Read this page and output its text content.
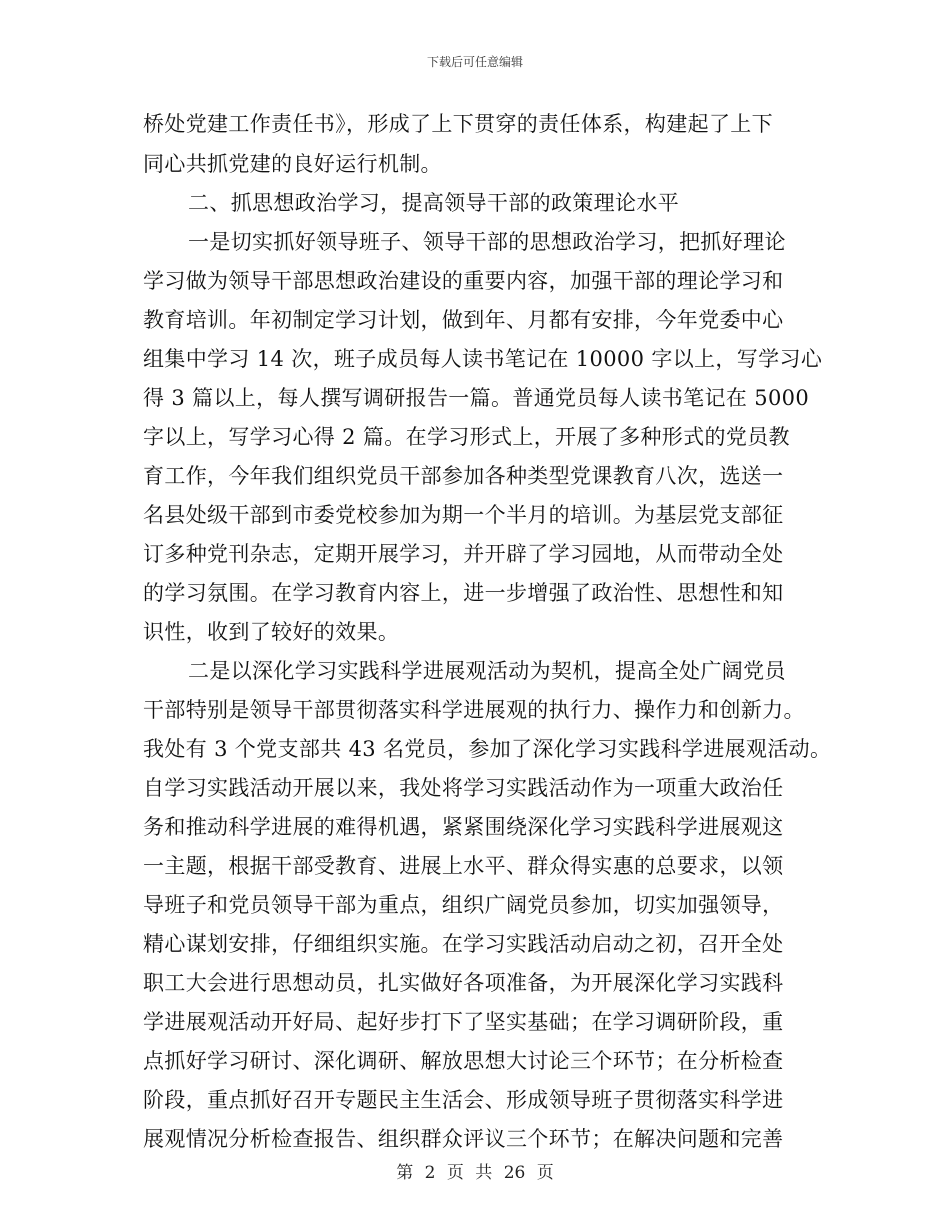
下载后可任意编辑
桥处党建工作责任书》，形成了上下贯穿的责任体系，构建起了上下
同心共抓党建的良好运行机制。
二、抓思想政治学习，提高领导干部的政策理论水平
一是切实抓好领导班子、领导干部的思想政治学习，把抓好理论
学习做为领导干部思想政治建设的重要内容，加强干部的理论学习和
教育培训。年初制定学习计划，做到年、月都有安排，今年党委中心
组集中学习 14 次，班子成员每人读书笔记在 10000 字以上，写学习心
得 3 篇以上，每人撰写调研报告一篇。普通党员每人读书笔记在 5000
字以上，写学习心得 2 篇。在学习形式上，开展了多种形式的党员教
育工作，今年我们组织党员干部参加各种类型党课教育八次，选送一
名县处级干部到市委党校参加为期一个半月的培训。为基层党支部征
订多种党刊杂志，定期开展学习，并开辟了学习园地，从而带动全处
的学习氛围。在学习教育内容上，进一步增强了政治性、思想性和知
识性，收到了较好的效果。
二是以深化学习实践科学进展观活动为契机，提高全处广阔党员
干部特别是领导干部贯彻落实科学进展观的执行力、操作力和创新力。
我处有 3 个党支部共 43 名党员，参加了深化学习实践科学进展观活动。
自学习实践活动开展以来，我处将学习实践活动作为一项重大政治任
务和推动科学进展的难得机遇，紧紧围绕深化学习实践科学进展观这
一主题，根据干部受教育、进展上水平、群众得实惠的总要求，以领
导班子和党员领导干部为重点，组织广阔党员参加，切实加强领导，
精心谋划安排，仔细组织实施。在学习实践活动启动之初，召开全处
职工大会进行思想动员，扎实做好各项准备，为开展深化学习实践科
学进展观活动开好局、起好步打下了坚实基础；在学习调研阶段，重
点抓好学习研讨、深化调研、解放思想大讨论三个环节；在分析检查
阶段，重点抓好召开专题民主生活会、形成领导班子贯彻落实科学进
展观情况分析检查报告、组织群众评议三个环节；在解决问题和完善
第 2 页 共 26 页
